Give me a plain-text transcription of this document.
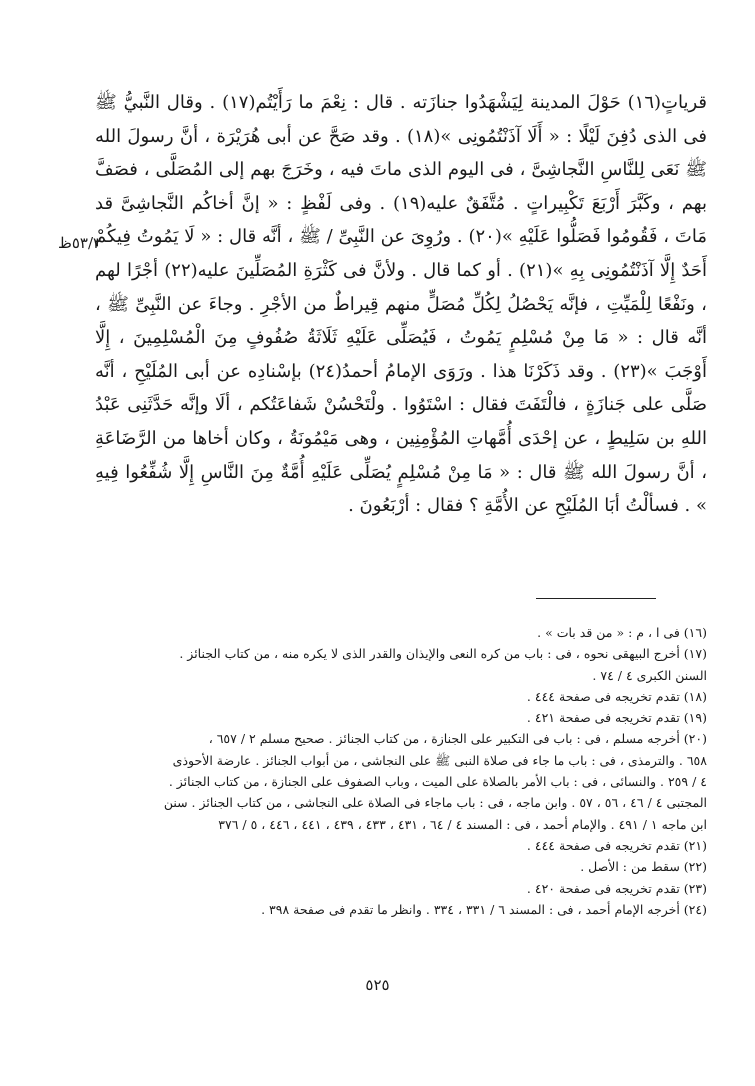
٥٣/٣ظ

قرياتٍ(١٦) حَوْلَ المدينة لِيَشْهَدُوا جنازَته . قال : نِعْمَ ما رَأَيْتُم(١٧) . وقال النَّبيُّ ﷺ فى الذى دُفِنَ لَيْلًا : « أَلَا آذَنْتُمُونِى »(١٨) . وقد صَحَّ عن أبى هُرَيْرَة ، أنَّ رسولَ الله ﷺ نَعَى لِلنَّاسِ النَّجاشِىَّ ، فى اليوم الذى ماتَ فيه ، وخَرَجَ بهم إلى المُصَلَّى ، فصَفَّ بهم ، وكَبَّرَ أَرْبَعَ تَكْبِيراتٍ . مُتَّفَقٌ عليه(١٩) . وفى لَفْظٍ : « إنَّ أخاكُم النَّجاشِىَّ قد مَاتَ ، فَقُومُوا فَصَلُّوا عَلَيْهِ »(٢٠) . ورُوِىَ عن النَّبِىِّ / ﷺ ، أنَّه قال : « لَا يَمُوتُ فِيكُمْ أَحَدٌ إِلَّا آذَنْتُمُونِى بِهِ »(٢١) . أو كما قال . ولأنَّ فى كَثْرَةِ المُصَلِّينَ عليه(٢٢) أجْرًا لهم ، ونَفْعًا لِلْمَيِّتِ ، فإنَّه يَحْصُلُ لِكُلِّ مُصَلٍّ منهم قِيراطٌ من الأجْرِ . وجاءَ عن النَّبِىِّ ﷺ ، أنَّه قال : « مَا مِنْ مُسْلِمٍ يَمُوتُ ، فَيُصَلِّى عَلَيْهِ ثَلَاثَةُ صُفُوفٍ مِنَ الْمُسْلِمِينَ ، إِلَّا أَوْجَبَ »(٢٣) . وقد ذَكَرْنَا هذا . ورَوَى الإمامُ أحمدُ(٢٤) بإسْنادِه عن أبى المُلَيْحِ ، أنَّه صَلَّى على جَنازَةٍ ، فالْتَفَتَ فقال : اسْتَوُوا . ولْتَحْسُنْ شَفاعَتُكم ، ألَا وإنَّه حَدَّثَنِى عَبْدُ اللهِ بن سَلِيطٍ ، عن إحْدَى أُمَّهاتِ المُؤْمِنِين ، وهى مَيْمُونَةُ ، وكان أخاها من الرَّضَاعَةِ ، أنَّ رسولَ الله ﷺ قال : « مَا مِنْ مُسْلِمٍ يُصَلِّى عَلَيْهِ أُمَّةٌ مِنَ النَّاسِ إِلَّا شُفِّعُوا فِيهِ » . فسألْتُ أبَا المُلَيْحِ عن الأُمَّةِ ؟ فقال : أرْبَعُونَ .

(١٦) فى ا ، م : « من قد بات » .

(١٧) أخرج البيهقى نحوه ، فى : باب من كره النعى والإيذان والقدر الذى لا يكره منه ، من كتاب الجنائز .

السنن الكبرى ٤ / ٧٤ .

(١٨) تقدم تخريجه فى صفحة ٤٤٤ .

(١٩) تقدم تخريجه فى صفحة ٤٢١ .

(٢٠) أخرجه مسلم ، فى : باب فى التكبير على الجنازة ، من كتاب الجنائز . صحيح مسلم ٢ / ٦٥٧ ،

٦٥٨ . والترمذى ، فى : باب ما جاء فى صلاة النبى ﷺ على النجاشى ، من أبواب الجنائز . عارضة الأحوذى

٤ / ٢٥٩ . والنسائى ، فى : باب الأمر بالصلاة على الميت ، وباب الصفوف على الجنازة ، من كتاب الجنائز .

المجتبى ٤ / ٤٦ ، ٥٦ ، ٥٧ . وابن ماجه ، فى : باب ماجاء فى الصلاة على النجاشى ، من كتاب الجنائز . سنن

ابن ماجه ١ / ٤٩١ . والإمام أحمد ، فى : المسند ٤ / ٦٤ ، ٤٣١ ، ٤٣٣ ، ٤٣٩ ، ٤٤١ ، ٤٤٦ ، ٥ / ٣٧٦

(٢١) تقدم تخريجه فى صفحة ٤٤٤ .

(٢٢) سقط من : الأصل .

(٢٣) تقدم تخريجه فى صفحة ٤٢٠ .

(٢٤) أخرجه الإمام أحمد ، فى : المسند ٦ / ٣٣١ ، ٣٣٤ . وانظر ما تقدم فى صفحة ٣٩٨ .

٥٢٥
